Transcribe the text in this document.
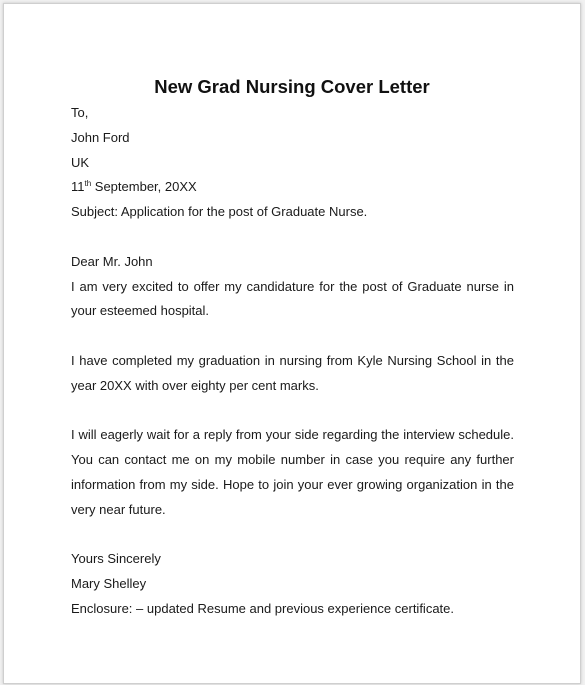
New Grad Nursing Cover Letter
To,
John Ford
UK
11th September, 20XX
Subject: Application for the post of Graduate Nurse.
Dear Mr. John
I am very excited to offer my candidature for the post of Graduate nurse in your esteemed hospital.
I have completed my graduation in nursing from Kyle Nursing School in the year 20XX with over eighty per cent marks.
I will eagerly wait for a reply from your side regarding the interview schedule. You can contact me on my mobile number in case you require any further information from my side. Hope to join your ever growing organization in the very near future.
Yours Sincerely
Mary Shelley
Enclosure: – updated Resume and previous experience certificate.
